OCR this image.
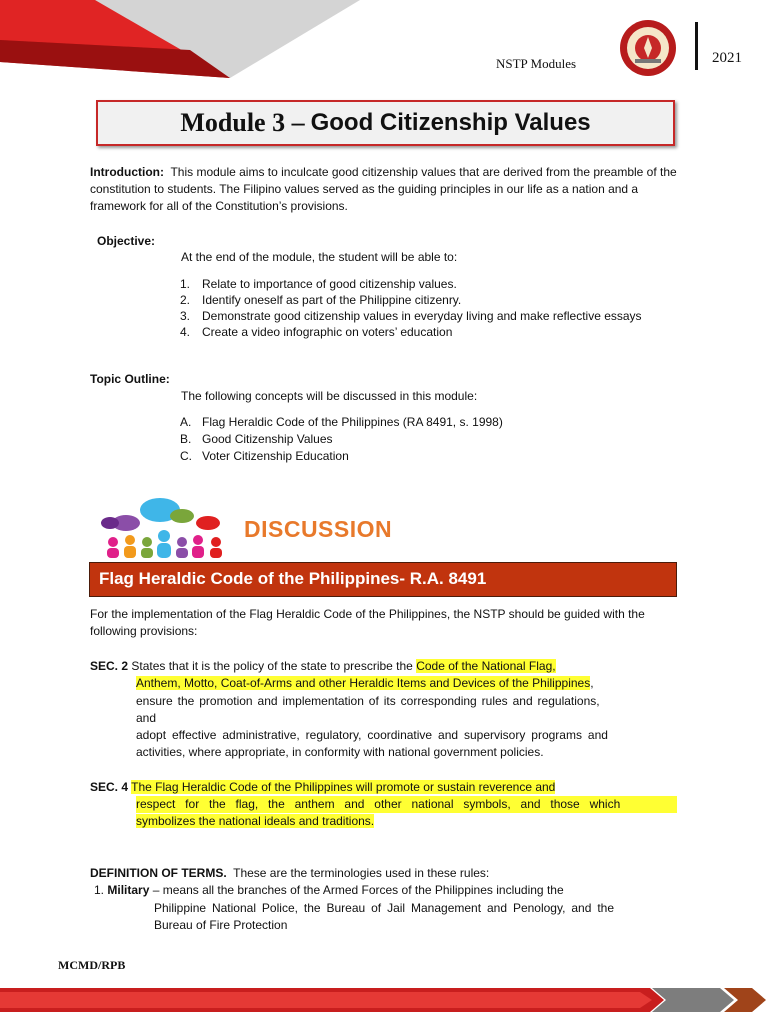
NSTP Modules	2021
Module 3 – Good Citizenship Values
Introduction: This module aims to inculcate good citizenship values that are derived from the preamble of the constitution to students. The Filipino values served as the guiding principles in our life as a nation and a framework for all of the Constitution’s provisions.
Objective:
At the end of the module, the student will be able to:
1. Relate to importance of good citizenship values.
2. Identify oneself as part of the Philippine citizenry.
3. Demonstrate good citizenship values in everyday living and make reflective essays
4. Create a video infographic on voters’ education
Topic Outline:
The following concepts will be discussed in this module:
A. Flag Heraldic Code of the Philippines (RA 8491, s. 1998)
B. Good Citizenship Values
C. Voter Citizenship Education
DISCUSSION
Flag Heraldic Code of the Philippines- R.A. 8491
For the implementation of the Flag Heraldic Code of the Philippines, the NSTP should be guided with the following provisions:
SEC. 2 States that it is the policy of the state to prescribe the Code of the National Flag,
Anthem, Motto, Coat-of-Arms and other Heraldic Items and Devices of the Philippines,
ensure the promotion and implementation of its corresponding rules and regulations,
and
adopt effective administrative, regulatory, coordinative and supervisory programs and
activities, where appropriate, in conformity with national government policies.
SEC. 4 The Flag Heraldic Code of the Philippines will promote or sustain reverence and
respect for the flag, the anthem and other national symbols, and those which
symbolizes the national ideals and traditions.
DEFINITION OF TERMS. These are the terminologies used in these rules:
1. Military – means all the branches of the Armed Forces of the Philippines including the
Philippine National Police, the Bureau of Jail Management and Penology, and the
Bureau of Fire Protection
MCMD/RPB
